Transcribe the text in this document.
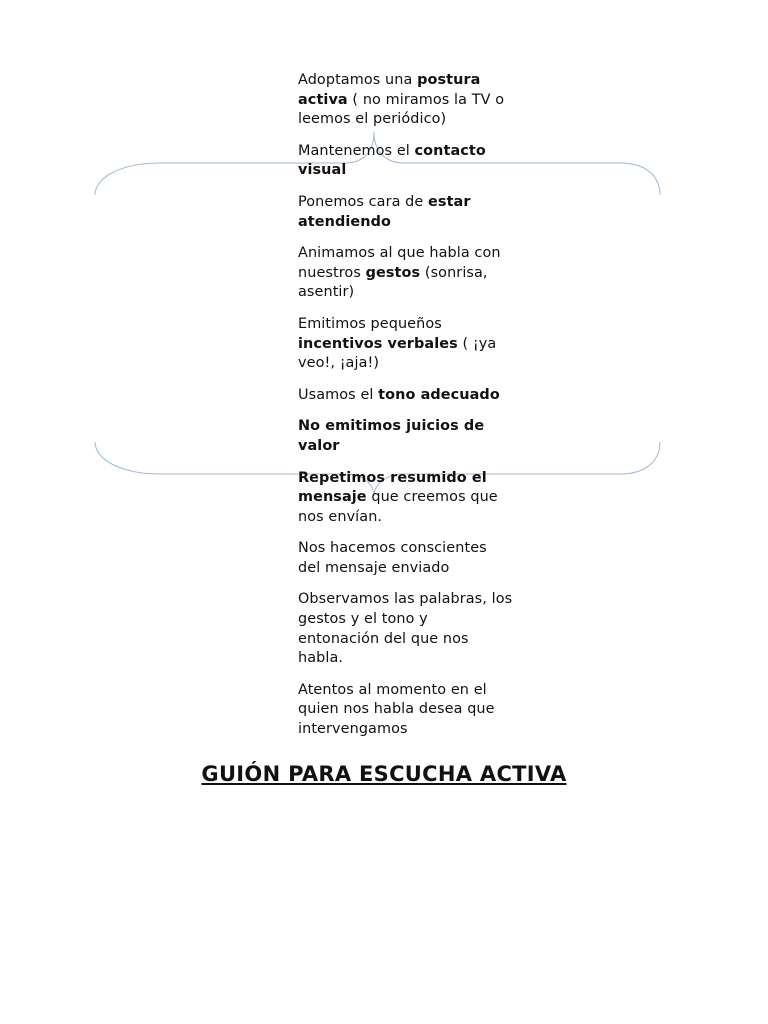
Adoptamos una postura activa ( no miramos la TV o leemos el periódico)
Mantenemos el contacto visual
Ponemos cara de estar atendiendo
Animamos al que habla con nuestros gestos (sonrisa, asentir)
Emitimos pequeños incentivos verbales ( ¡ya veo!, ¡aja!)
Usamos el tono adecuado
No emitimos juicios de valor
Repetimos resumido el mensaje que creemos que nos envían.
Nos hacemos conscientes del mensaje enviado
Observamos las palabras, los gestos y el tono y entonación del que nos habla.
Atentos al momento en el quien nos habla desea que intervengamos
GUIÓN PARA ESCUCHA ACTIVA
